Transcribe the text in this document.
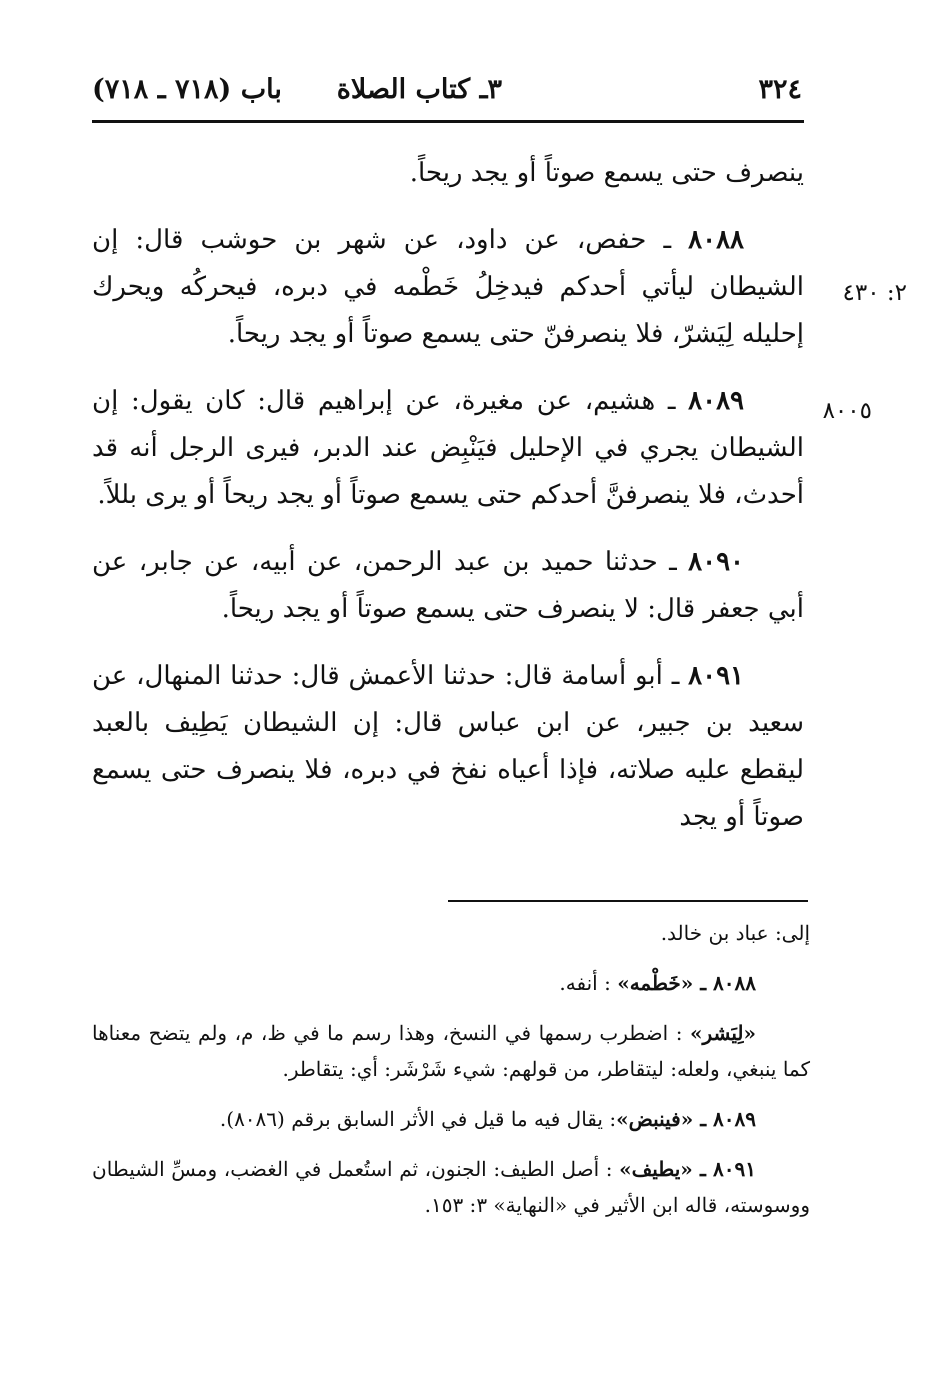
٣٢٤
٣ـ كتاب الصلاة
باب (٧١٨ ـ ٧١٨)
٢: ٤٣٠
٨٠٠٥

ينصرف حتى يسمع صوتاً أو يجد ريحاً.

٨٠٨٨ ـ حفص، عن داود، عن شهر بن حوشب قال: إن الشيطان ليأتي أحدكم فيدخِلُ خَطْمه في دبره، فيحركُه ويحرك إحليله لِيَشرّ، فلا ينصرفنّ حتى يسمع صوتاً أو يجد ريحاً.

٨٠٨٩ ـ هشيم، عن مغيرة، عن إبراهيم قال: كان يقول: إن الشيطان يجري في الإحليل فيَنْبِض عند الدبر، فيرى الرجل أنه قد أحدث، فلا ينصرفنَّ أحدكم حتى يسمع صوتاً أو يجد ريحاً أو يرى بللاً.

٨٠٩٠ ـ حدثنا حميد بن عبد الرحمن، عن أبيه، عن جابر، عن أبي جعفر قال: لا ينصرف حتى يسمع صوتاً أو يجد ريحاً.

٨٠٩١ ـ أبو أسامة قال: حدثنا الأعمش قال: حدثنا المنهال، عن سعيد بن جبير، عن ابن عباس قال: إن الشيطان يَطِيف بالعبد ليقطع عليه صلاته، فإذا أعياه نفخ في دبره، فلا ينصرف حتى يسمع صوتاً أو يجد

إلى: عباد بن خالد.

٨٠٨٨ ـ «خَطْمه» : أنفه.

«لِيَشر» : اضطرب رسمها في النسخ، وهذا رسم ما في ظ، م، ولم يتضح معناها كما ينبغي، ولعله: ليتقاطر، من قولهم: شيء شَرْشَر: أي: يتقاطر.

٨٠٨٩ ـ «فينبض»: يقال فيه ما قيل في الأثر السابق برقم (٨٠٨٦).

٨٠٩١ ـ «يطيف» : أصل الطيف: الجنون، ثم استُعمل في الغضب، ومسِّ الشيطان ووسوسته، قاله ابن الأثير في «النهاية» ٣: ١٥٣.
